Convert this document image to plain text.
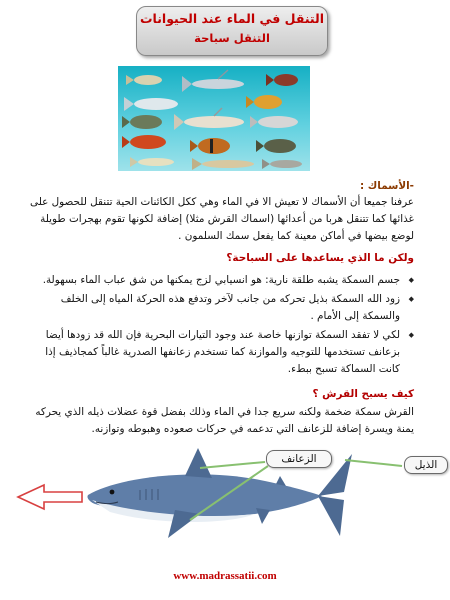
التنقل في الماء عند الحيوانات
التنقل سباحة
-الأسماك :
عرفنا جميعا أن الأسماك لا تعيش الا في الماء وهي ككل الكائنات الحية تتنقل للحصول على غذائها كما تتنقل هربا من أعدائها (اسماك القرش مثلا) إضافة لكونها تقوم بهجرات طويلة لوضع بيضها في أماكن معينة كما يفعل سمك السلمون .
ولكن ما الذي يساعدها على السباحة؟
◆ جسم السمكة يشبه طلقة نارية: هو انسيابي لزج يمكنها من شق عباب الماء بسهولة.
◆ زود الله السمكة بذيل تحركه من جانب لآخر وتدفع هذه الحركة المياه إلى الخلف والسمكة إلى الأمام .
◆ لكي لا تفقد السمكة توازنها خاصة عند وجود التيارات البحرية فإن الله قد زودها أيضا بزعانف تستخدمها للتوجيه والموازنة كما تستخدم زعانفها الصدرية غالباً كمجاذيف إذا كانت السماكة تسبح ببطء.
كيف يسبح القرش ؟
القرش سمكة ضخمة ولكنه سريع جدا في الماء وذلك بفضل قوة عضلات ذيله الذي يحركه يمنة ويسرة إضافة للزعانف التي تدعمه في حركات صعوده وهبوطه وتوازنه.
الزعانف	الذيل
www.madrassatii.com
